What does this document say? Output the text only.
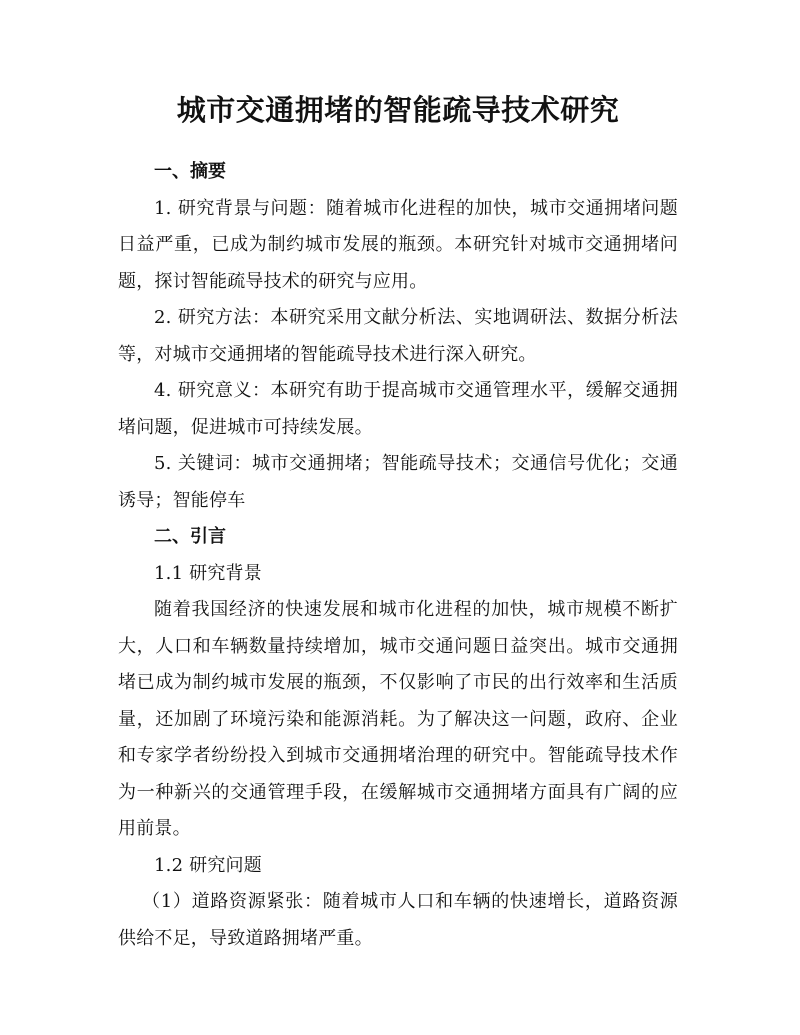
城市交通拥堵的智能疏导技术研究

一、摘要

1. 研究背景与问题：随着城市化进程的加快，城市交通拥堵问题日益严重，已成为制约城市发展的瓶颈。本研究针对城市交通拥堵问题，探讨智能疏导技术的研究与应用。

2. 研究方法：本研究采用文献分析法、实地调研法、数据分析法等，对城市交通拥堵的智能疏导技术进行深入研究。

4. 研究意义：本研究有助于提高城市交通管理水平，缓解交通拥堵问题，促进城市可持续发展。

5. 关键词：城市交通拥堵；智能疏导技术；交通信号优化；交通诱导；智能停车

二、引言

1.1 研究背景

随着我国经济的快速发展和城市化进程的加快，城市规模不断扩大，人口和车辆数量持续增加，城市交通问题日益突出。城市交通拥堵已成为制约城市发展的瓶颈，不仅影响了市民的出行效率和生活质量，还加剧了环境污染和能源消耗。为了解决这一问题，政府、企业和专家学者纷纷投入到城市交通拥堵治理的研究中。智能疏导技术作为一种新兴的交通管理手段，在缓解城市交通拥堵方面具有广阔的应用前景。

1.2 研究问题

（1）道路资源紧张：随着城市人口和车辆的快速增长，道路资源供给不足，导致道路拥堵严重。
